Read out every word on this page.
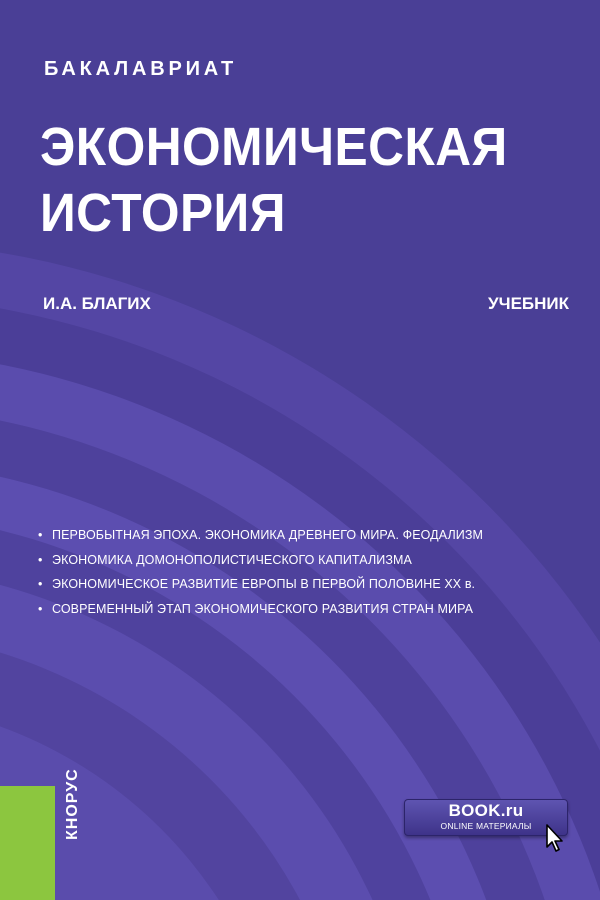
БАКАЛАВРИАТ
ЭКОНОМИЧЕСКАЯ
ИСТОРИЯ
И.А. БЛАГИХ	УЧЕБНИК
• ПЕРВОБЫТНАЯ ЭПОХА. ЭКОНОМИКА ДРЕВНЕГО МИРА. ФЕОДАЛИЗМ
• ЭКОНОМИКА ДОМОНОПОЛИСТИЧЕСКОГО КАПИТАЛИЗМА
• ЭКОНОМИЧЕСКОЕ РАЗВИТИЕ ЕВРОПЫ В ПЕРВОЙ ПОЛОВИНЕ XX в.
• СОВРЕМЕННЫЙ ЭТАП ЭКОНОМИЧЕСКОГО РАЗВИТИЯ СТРАН МИРА
КНОРУС	BOOK.ru
ONLINE МАТЕРИАЛЫ
